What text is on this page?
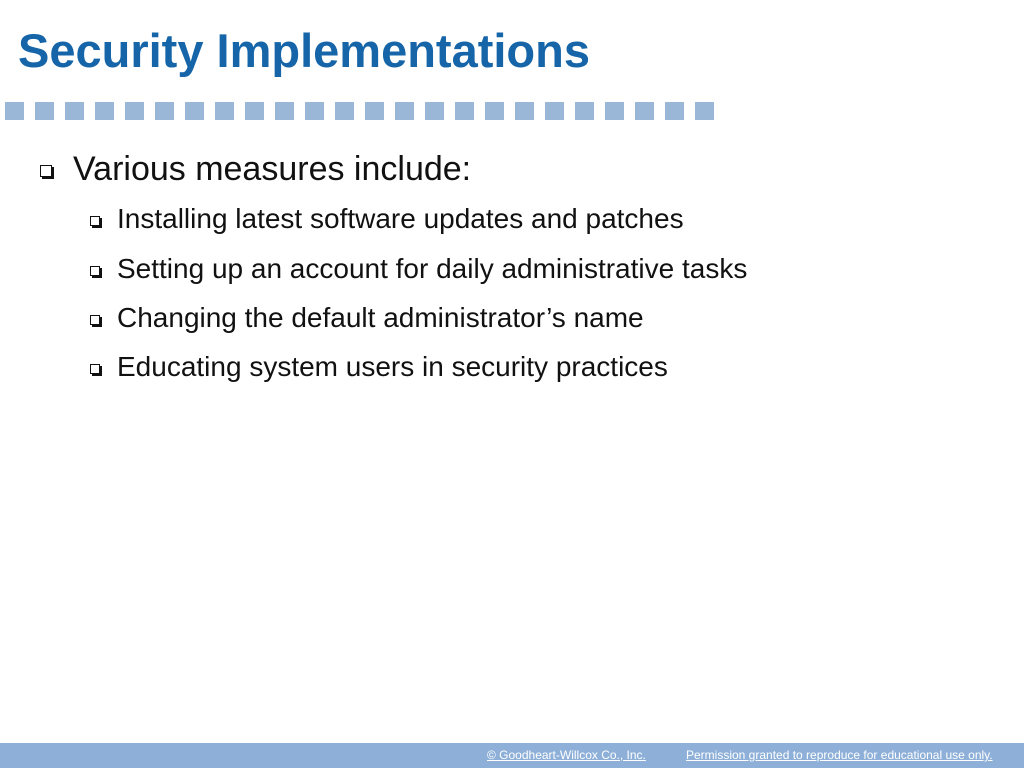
Security Implementations
Various measures include:
Installing latest software updates and patches
Setting up an account for daily administrative tasks
Changing the default administrator’s name
Educating system users in security practices
© Goodheart-Willcox Co., Inc.	Permission granted to reproduce for educational use only.
